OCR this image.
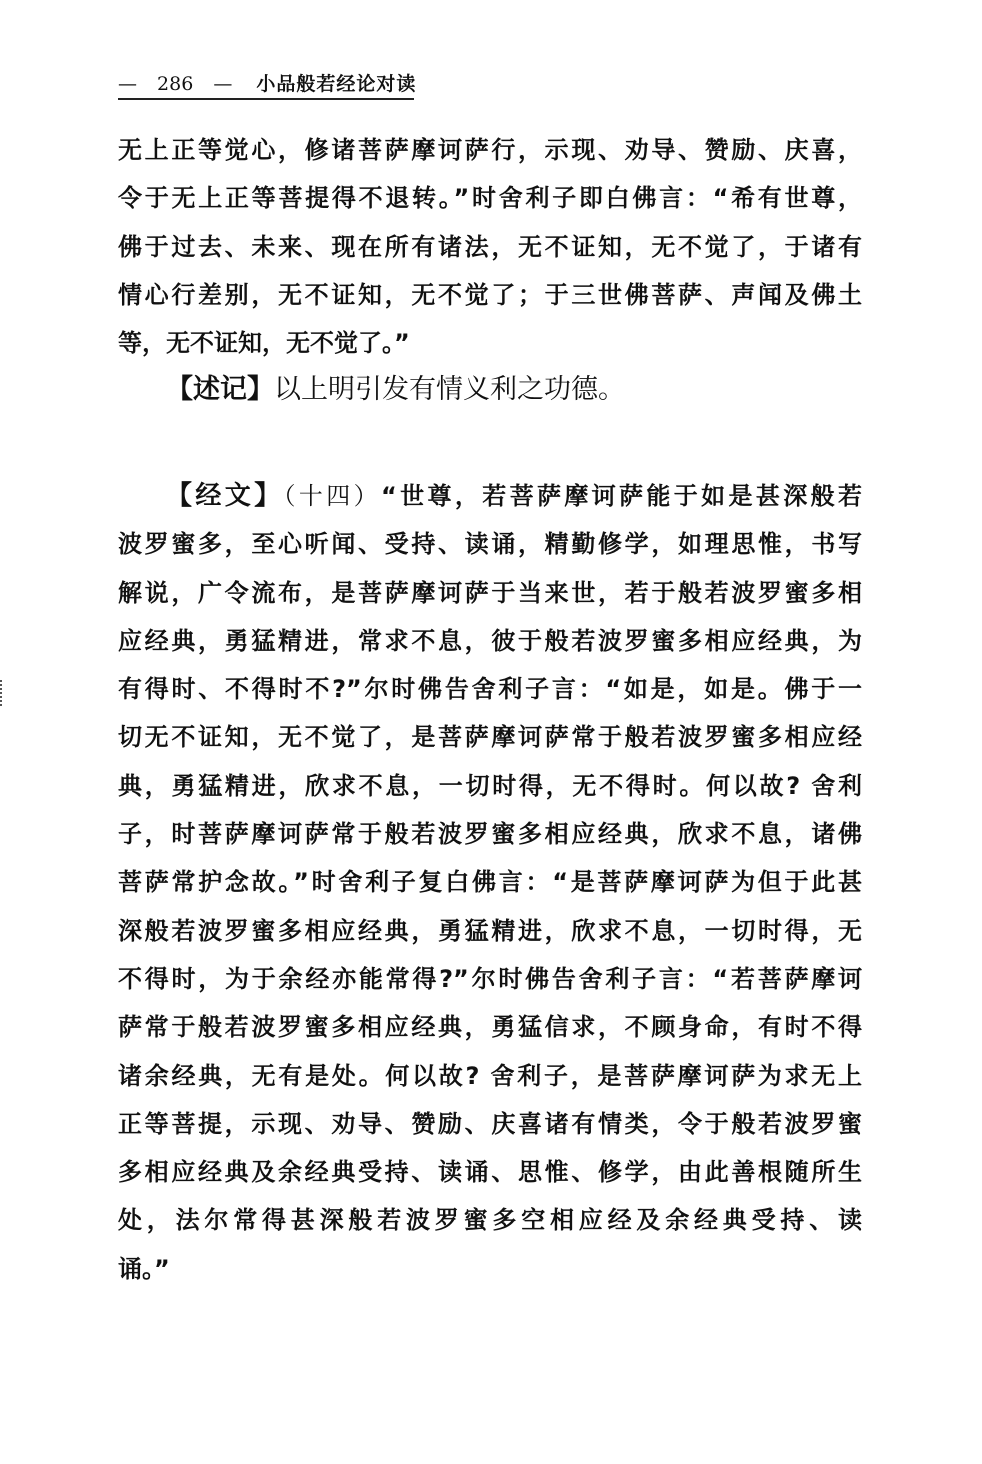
— 286 — 小品般若经论对读
无上正等觉心，修诸菩萨摩诃萨行，示现、劝导、赞励、庆喜，
令于无上正等菩提得不退转。”时舍利子即白佛言：“希有世尊，
佛于过去、未来、现在所有诸法，无不证知，无不觉了，于诸有
情心行差别，无不证知，无不觉了；于三世佛菩萨、声闻及佛土
等，无不证知，无不觉了。”

【述记】以上明引发有情义利之功德。

【经文】（十四）“世尊，若菩萨摩诃萨能于如是甚深般若
波罗蜜多，至心听闻、受持、读诵，精勤修学，如理思惟，书写
解说，广令流布，是菩萨摩诃萨于当来世，若于般若波罗蜜多相
应经典，勇猛精进，常求不息，彼于般若波罗蜜多相应经典，为
有得时、不得时不?”尔时佛告舍利子言：“如是，如是。佛于一
切无不证知，无不觉了，是菩萨摩诃萨常于般若波罗蜜多相应经
典，勇猛精进，欣求不息，一切时得，无不得时。何以故? 舍利
子，时菩萨摩诃萨常于般若波罗蜜多相应经典，欣求不息，诸佛
菩萨常护念故。”时舍利子复白佛言：“是菩萨摩诃萨为但于此甚
深般若波罗蜜多相应经典，勇猛精进，欣求不息，一切时得，无
不得时，为于余经亦能常得?”尔时佛告舍利子言：“若菩萨摩诃
萨常于般若波罗蜜多相应经典，勇猛信求，不顾身命，有时不得
诸余经典，无有是处。何以故? 舍利子，是菩萨摩诃萨为求无上
正等菩提，示现、劝导、赞励、庆喜诸有情类，令于般若波罗蜜
多相应经典及余经典受持、读诵、思惟、修学，由此善根随所生
处，法尔常得甚深般若波罗蜜多空相应经及余经典受持、读
诵。”
